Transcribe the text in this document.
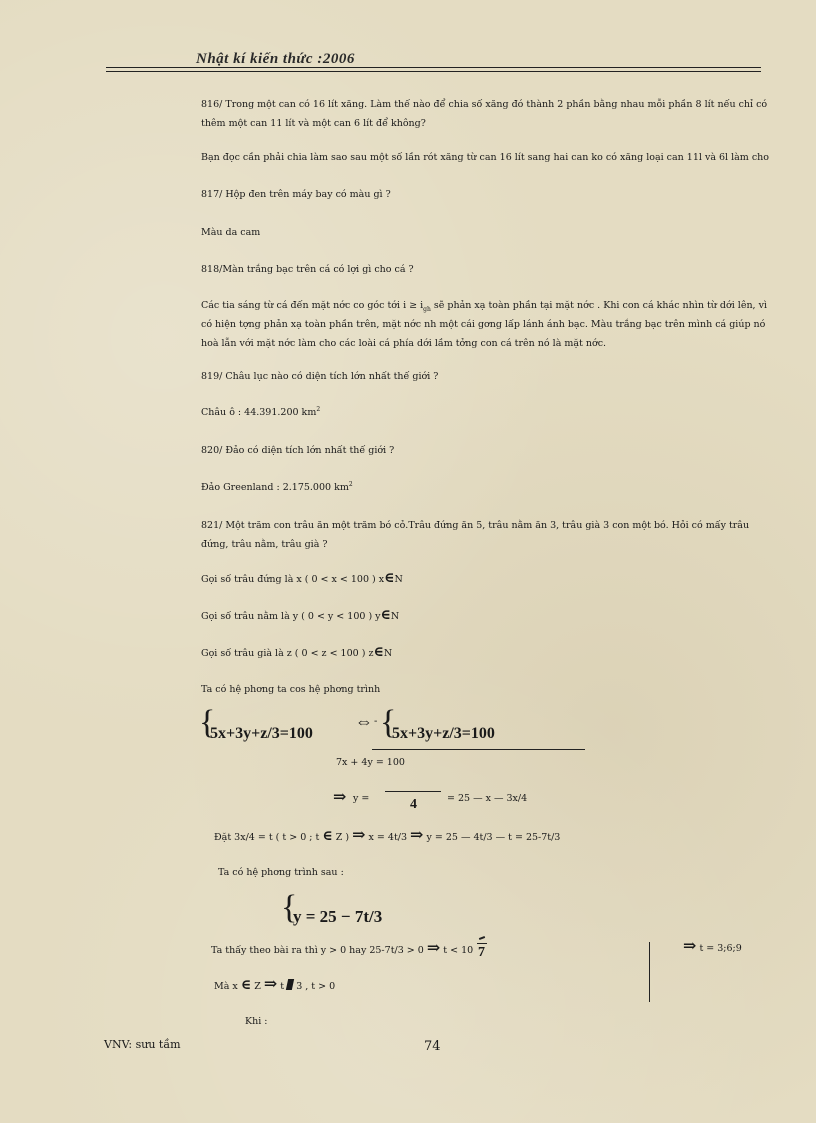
Nhật kí kiến thức :2006
816/ Trong một can có 16 lít xăng. Làm thế nào để chia số xăng đó thành 2 phần bằng nhau mỗi phần 8 lít nếu chỉ có thêm một can 11 lít và một can 6 lít để không?
Bạn đọc cần phải chia làm sao sau một số lần rót xăng từ can 16 lít sang hai can ko có xăng loại can 11l và 6l làm cho
817/ Hộp đen trên máy bay có màu gì ?
Màu da cam
818/Màn trắng bạc trên cá có lợi gì cho cá ?
Các tia sáng từ cá đến mặt nớc co góc tới $i \ge i_{gh}$ sẽ phản xạ toàn phần tại mặt nớc . Khi con cá khác nhìn từ dới lên, vì có hiện tợng phản xạ toàn phần trên, mặt nớc nh một cái gơng lấp lánh ánh bạc. Màu trắng bạc trên mình cá giúp nó hoà lẫn với mặt nớc làm cho các loài cá phía dới lầm tởng con cá trên nó là mặt nớc.
819/ Châu lục nào có diện tích lớn nhất thế giới ?
Châu ô : 44.391.200 $km^2$
820/ Đảo có diện tích lớn nhất thế giới ?
Đảo Greenland : 2.175.000 $km^2$
821/ Một trăm con trâu ăn một trăm bó cỏ.Trâu đứng ăn 5, trâu nằm ăn 3, trâu già 3 con một bó. Hỏi có mấy trâu đứng, trâu nằm, trâu già ?
Gọi số trâu đứng là x ( 0 < x < 100 ) x∈N
Gọi số trâu nằm là y ( 0 < y < 100 ) y∈N
Gọi số trâu già là z ( 0 < z < 100 ) z∈N
Ta có hệ phơng ta cos hệ phơng trình
{

5x+3y+z/3=100
⇔ - {

5x+3y+z/3=100
7x + 4y = 100
⇒ y =
	4	= 25 — x — 3x/4
Đặt 3x/4 = t ( t > 0 ; t ∈ Z ) ⇒ x = 4t/3 ⇒ y = 25 — 4t/3 — t = 25-7t/3
Ta có hệ phơng trình sau :
{

y = 25 − 7t/3
Ta thấy theo bài ra thì y > 0 hay 25-7t/3 > 0 ⇒ t < 10 7	⇒ t = 3;6;9
Mà x ∈ Z ⇒ t 3 , t > 0
Khi :
VNV: sưu tầm	74
